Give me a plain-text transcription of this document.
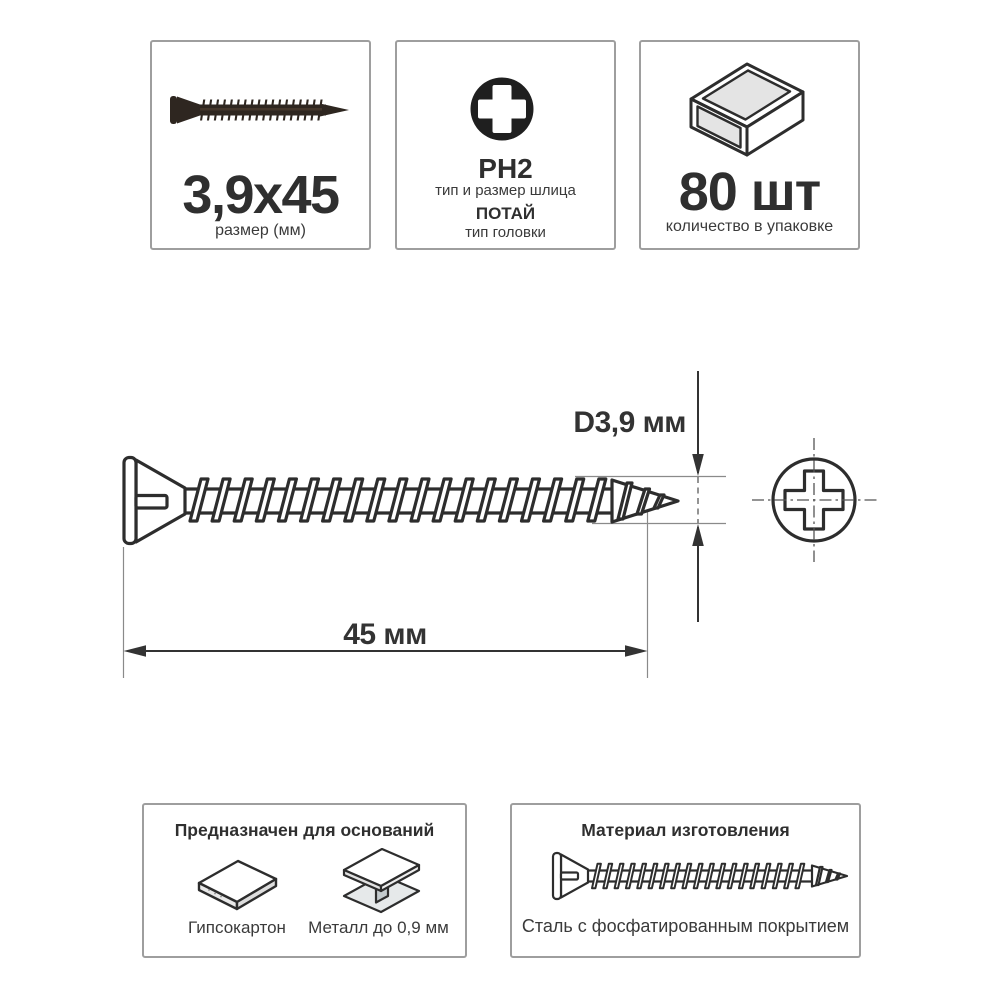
3,9x45
размер (мм)
PH2
тип и размер шлица
ПОТАЙ
тип головки
80 шт
количество в упаковке
D3,9 мм
45 мм
Предназначен для оснований
Гипсокартон	Металл до 0,9 мм
Материал изготовления
Сталь с фосфатированным покрытием
